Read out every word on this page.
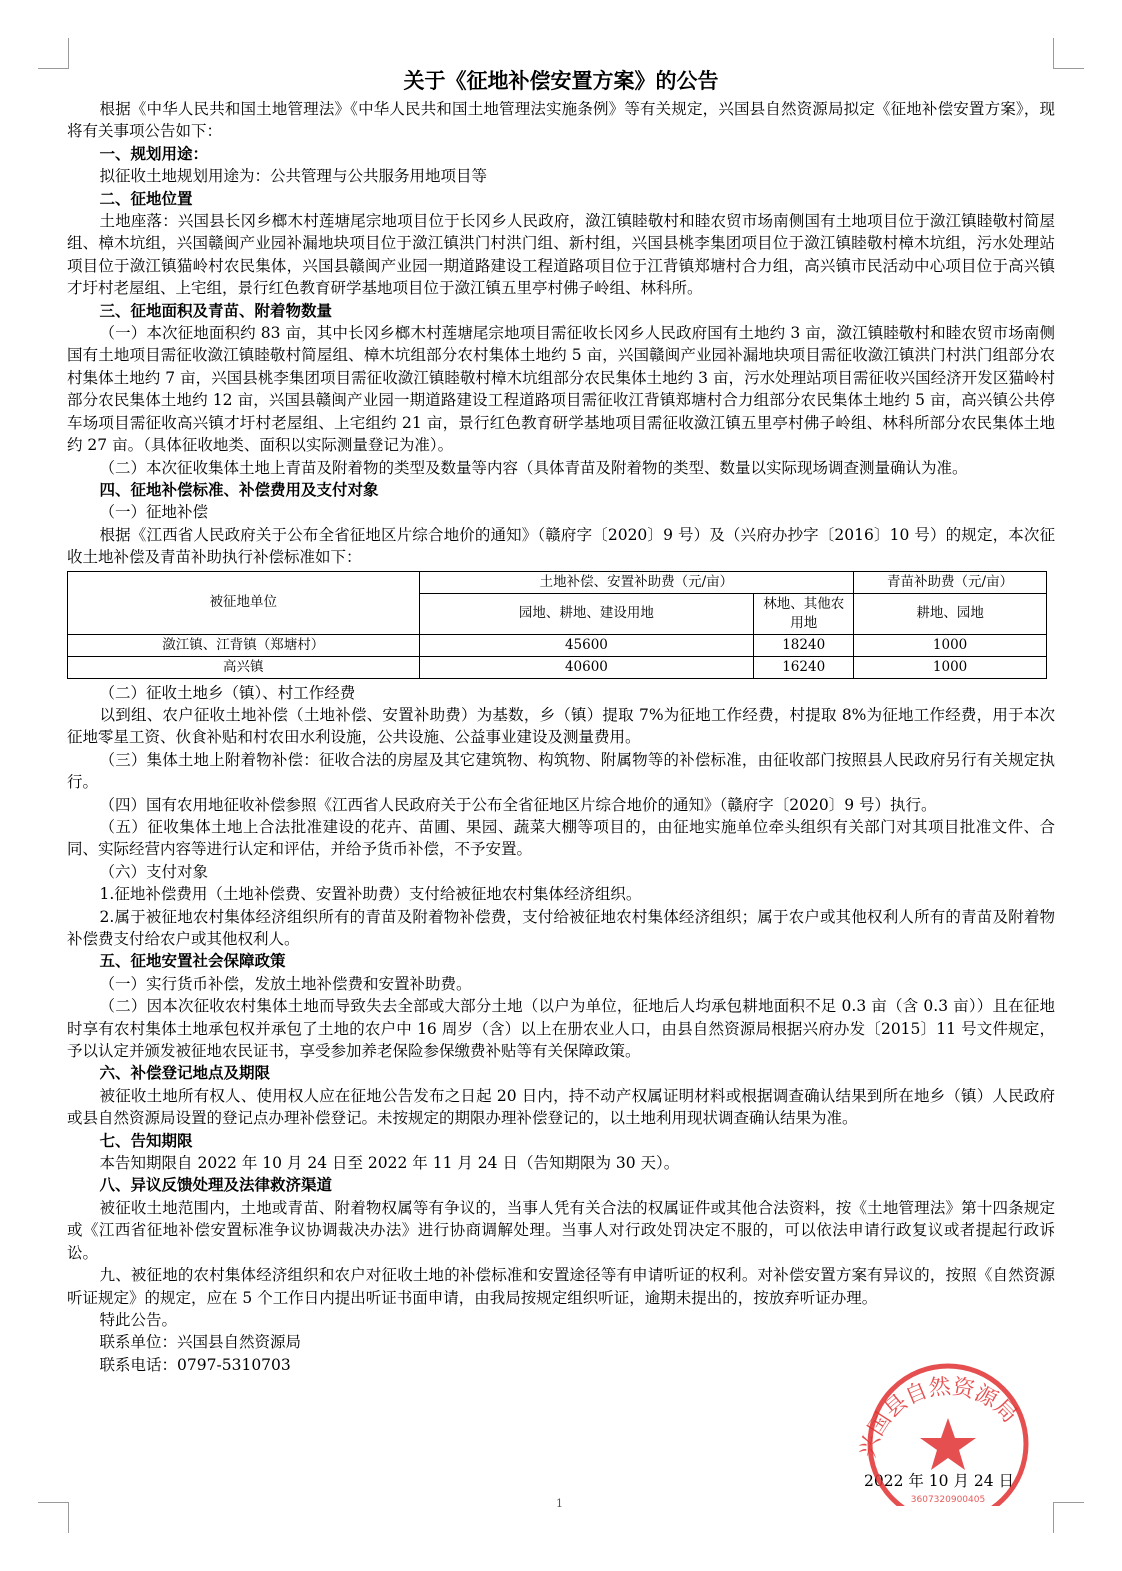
关于《征地补偿安置方案》的公告

根据《中华人民共和国土地管理法》《中华人民共和国土地管理法实施条例》等有关规定，兴国县自然资源局拟定《征地补偿安置方案》，现将有关事项公告如下：

一、规划用途：

拟征收土地规划用途为：公共管理与公共服务用地项目等

二、征地位置

土地座落：兴国县长冈乡榔木村莲塘尾宗地项目位于长冈乡人民政府，潋江镇睦敬村和睦农贸市场南侧国有土地项目位于潋江镇睦敬村简屋组、樟木坑组，兴国赣闽产业园补漏地块项目位于潋江镇洪门村洪门组、新村组，兴国县桃李集团项目位于潋江镇睦敬村樟木坑组，污水处理站项目位于潋江镇猫岭村农民集体，兴国县赣闽产业园一期道路建设工程道路项目位于江背镇郑塘村合力组，高兴镇市民活动中心项目位于高兴镇才圩村老屋组、上宅组，景行红色教育研学基地项目位于潋江镇五里亭村佛子岭组、林科所。

三、征地面积及青苗、附着物数量

（一）本次征地面积约 83 亩，其中长冈乡榔木村莲塘尾宗地项目需征收长冈乡人民政府国有土地约 3 亩，潋江镇睦敬村和睦农贸市场南侧国有土地项目需征收潋江镇睦敬村简屋组、樟木坑组部分农村集体土地约 5 亩，兴国赣闽产业园补漏地块项目需征收潋江镇洪门村洪门组部分农村集体土地约 7 亩，兴国县桃李集团项目需征收潋江镇睦敬村樟木坑组部分农民集体土地约 3 亩，污水处理站项目需征收兴国经济开发区猫岭村部分农民集体土地约 12 亩，兴国县赣闽产业园一期道路建设工程道路项目需征收江背镇郑塘村合力组部分农民集体土地约 5 亩，高兴镇公共停车场项目需征收高兴镇才圩村老屋组、上宅组约 21 亩，景行红色教育研学基地项目需征收潋江镇五里亭村佛子岭组、林科所部分农民集体土地约 27 亩。（具体征收地类、面积以实际测量登记为准）。

（二）本次征收集体土地上青苗及附着物的类型及数量等内容（具体青苗及附着物的类型、数量以实际现场调查测量确认为准。

四、征地补偿标准、补偿费用及支付对象

（一）征地补偿

根据《江西省人民政府关于公布全省征地区片综合地价的通知》（赣府字〔2020〕9 号）及（兴府办抄字〔2016〕10 号）的规定，本次征收土地补偿及青苗补助执行补偿标准如下：

被征地单位	土地补偿、安置补助费（元/亩）		青苗补助费（元/亩）
	园地、耕地、建设用地	林地、其他农用地	耕地、园地
潋江镇、江背镇（郑塘村）	45600	18240	1000
高兴镇	40600	16240	1000

（二）征收土地乡（镇）、村工作经费

以到组、农户征收土地补偿（土地补偿、安置补助费）为基数，乡（镇）提取 7%为征地工作经费，村提取 8%为征地工作经费，用于本次征地零星工资、伙食补贴和村农田水利设施，公共设施、公益事业建设及测量费用。

（三）集体土地上附着物补偿：征收合法的房屋及其它建筑物、构筑物、附属物等的补偿标准，由征收部门按照县人民政府另行有关规定执行。

（四）国有农用地征收补偿参照《江西省人民政府关于公布全省征地区片综合地价的通知》（赣府字〔2020〕9 号）执行。

（五）征收集体土地上合法批准建设的花卉、苗圃、果园、蔬菜大棚等项目的，由征地实施单位牵头组织有关部门对其项目批准文件、合同、实际经营内容等进行认定和评估，并给予货币补偿，不予安置。

（六）支付对象

1.征地补偿费用（土地补偿费、安置补助费）支付给被征地农村集体经济组织。

2.属于被征地农村集体经济组织所有的青苗及附着物补偿费，支付给被征地农村集体经济组织；属于农户或其他权利人所有的青苗及附着物补偿费支付给农户或其他权利人。

五、征地安置社会保障政策

（一）实行货币补偿，发放土地补偿费和安置补助费。

（二）因本次征收农村集体土地而导致失去全部或大部分土地（以户为单位，征地后人均承包耕地面积不足 0.3 亩（含 0.3 亩））且在征地时享有农村集体土地承包权并承包了土地的农户中 16 周岁（含）以上在册农业人口，由县自然资源局根据兴府办发〔2015〕11 号文件规定，予以认定并颁发被征地农民证书，享受参加养老保险参保缴费补贴等有关保障政策。

六、补偿登记地点及期限

被征收土地所有权人、使用权人应在征地公告发布之日起 20 日内，持不动产权属证明材料或根据调查确认结果到所在地乡（镇）人民政府或县自然资源局设置的登记点办理补偿登记。未按规定的期限办理补偿登记的，以土地利用现状调查确认结果为准。

七、告知期限

本告知期限自 2022 年 10 月 24 日至 2022 年 11 月 24 日（告知期限为 30 天）。

八、异议反馈处理及法律救济渠道

被征收土地范围内，土地或青苗、附着物权属等有争议的，当事人凭有关合法的权属证件或其他合法资料，按《土地管理法》第十四条规定或《江西省征地补偿安置标准争议协调裁决办法》进行协商调解处理。当事人对行政处罚决定不服的，可以依法申请行政复议或者提起行政诉讼。

九、被征地的农村集体经济组织和农户对征收土地的补偿标准和安置途径等有申请听证的权利。对补偿安置方案有异议的，按照《自然资源听证规定》的规定，应在 5 个工作日内提出听证书面申请，由我局按规定组织听证，逾期未提出的，按放弃听证办理。

特此公告。

联系单位：兴国县自然资源局

联系电话：0797-5310703

2022 年 10 月 24 日
兴国县自然资源局
3607320900405
1
